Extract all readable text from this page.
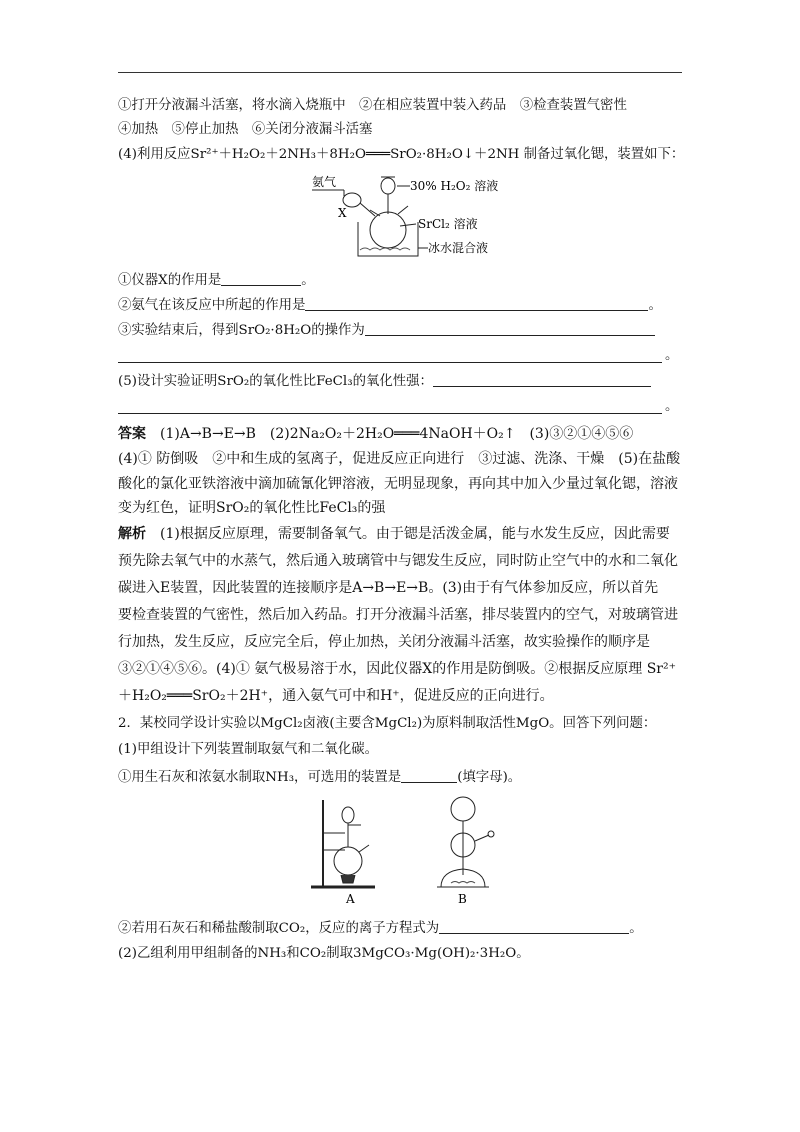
①打开分液漏斗活塞，将水滴入烧瓶中　②在相应装置中装入药品　③检查装置气密性
④加热　⑤停止加热　⑥关闭分液漏斗活塞
(4)利用反应Sr²⁺＋H₂O₂＋2NH₃＋8H₂O═══SrO₂·8H₂O↓＋2NH 制备过氧化锶，装置如下：
氨气
X
30% H₂O₂ 溶液
SrCl₂ 溶液
冰水混合液
①仪器X的作用是	。
②氨气在该反应中所起的作用是	。
③实验结束后，得到SrO₂·8H₂O的操作为
。
(5)设计实验证明SrO₂的氧化性比FeCl₃的氧化性强：
。
答案　 (1)A→B→E→B　(2)2Na₂O₂＋2H₂O═══4NaOH＋O₂↑　(3)③②①④⑤⑥
(4)① 防倒吸　②中和生成的氢离子，促进反应正向进行　③过滤、洗涤、干燥　(5)在盐酸
酸化的氯化亚铁溶液中滴加硫氰化钾溶液，无明显现象，再向其中加入少量过氧化锶，溶液
变为红色，证明SrO₂的氧化性比FeCl₃的强
解析　 (1)根据反应原理，需要制备氧气。由于锶是活泼金属，能与水发生反应，因此需要
预先除去氧气中的水蒸气，然后通入玻璃管中与锶发生反应，同时防止空气中的水和二氧化
碳进入E装置，因此装置的连接顺序是A→B→E→B。(3)由于有气体参加反应，所以首先
要检查装置的气密性，然后加入药品。打开分液漏斗活塞，排尽装置内的空气，对玻璃管进
行加热，发生反应，反应完全后，停止加热，关闭分液漏斗活塞，故实验操作的顺序是
③②①④⑤⑥。(4)① 氨气极易溶于水，因此仪器X的作用是防倒吸。②根据反应原理 Sr²⁺
＋H₂O₂═══SrO₂＋2H⁺，通入氨气可中和H⁺，促进反应的正向进行。
2．某校同学设计实验以MgCl₂卤液(主要含MgCl₂)为原料制取活性MgO。回答下列问题：
(1)甲组设计下列装置制取氨气和二氧化碳。
①用生石灰和浓氨水制取NH₃，可选用的装置是	(填字母)。
A	B
②若用石灰石和稀盐酸制取CO₂，反应的离子方程式为	。
(2)乙组利用甲组制备的NH₃和CO₂制取3MgCO₃·Mg(OH)₂·3H₂O。
